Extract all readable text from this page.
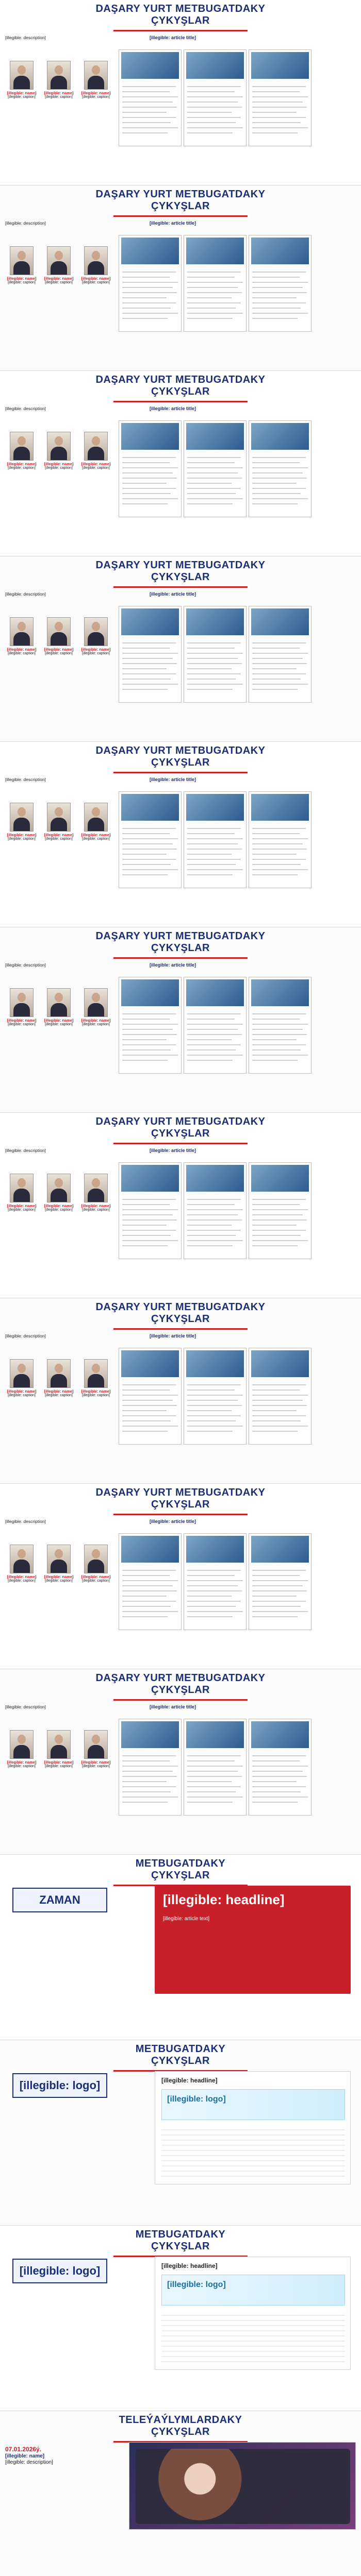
DAŞARY YURT METBUGATDAKY
ÇYKYŞLAR
[illegible: description]
[illegible: name]
[illegible: caption]
[illegible: name]
[illegible: caption]
[illegible: name]
[illegible: caption]
[illegible: article title]
DAŞARY YURT METBUGATDAKY
ÇYKYŞLAR
[illegible: description]
[illegible: name]
[illegible: caption]
[illegible: name]
[illegible: caption]
[illegible: name]
[illegible: caption]
[illegible: article title]
DAŞARY YURT METBUGATDAKY
ÇYKYŞLAR
[illegible: description]
[illegible: name]
[illegible: caption]
[illegible: name]
[illegible: caption]
[illegible: name]
[illegible: caption]
[illegible: article title]
DAŞARY YURT METBUGATDAKY
ÇYKYŞLAR
[illegible: description]
[illegible: name]
[illegible: caption]
[illegible: name]
[illegible: caption]
[illegible: name]
[illegible: caption]
[illegible: article title]
DAŞARY YURT METBUGATDAKY
ÇYKYŞLAR
[illegible: description]
[illegible: name]
[illegible: caption]
[illegible: name]
[illegible: caption]
[illegible: name]
[illegible: caption]
[illegible: article title]
DAŞARY YURT METBUGATDAKY
ÇYKYŞLAR
[illegible: description]
[illegible: name]
[illegible: caption]
[illegible: name]
[illegible: caption]
[illegible: name]
[illegible: caption]
[illegible: article title]
DAŞARY YURT METBUGATDAKY
ÇYKYŞLAR
[illegible: description]
[illegible: name]
[illegible: caption]
[illegible: name]
[illegible: caption]
[illegible: name]
[illegible: caption]
[illegible: article title]
DAŞARY YURT METBUGATDAKY
ÇYKYŞLAR
[illegible: description]
[illegible: name]
[illegible: caption]
[illegible: name]
[illegible: caption]
[illegible: name]
[illegible: caption]
[illegible: article title]
DAŞARY YURT METBUGATDAKY
ÇYKYŞLAR
[illegible: description]
[illegible: name]
[illegible: caption]
[illegible: name]
[illegible: caption]
[illegible: name]
[illegible: caption]
[illegible: article title]
DAŞARY YURT METBUGATDAKY
ÇYKYŞLAR
[illegible: description]
[illegible: name]
[illegible: caption]
[illegible: name]
[illegible: caption]
[illegible: name]
[illegible: caption]
[illegible: article title]
METBUGATDAKY
ÇYKYŞLAR
ZAMAN	[illegible: headline]
[illegible: article text]
METBUGATDAKY
ÇYKYŞLAR
[illegible: logo]	[illegible: headline]
[illegible: logo]
METBUGATDAKY
ÇYKYŞLAR
[illegible: logo]	[illegible: headline]
[illegible: logo]
TELEÝAÝLYMLARDAKY
ÇYKYŞLAR
07.01.2026ý.
[illegible: name]
[illegible: description]
